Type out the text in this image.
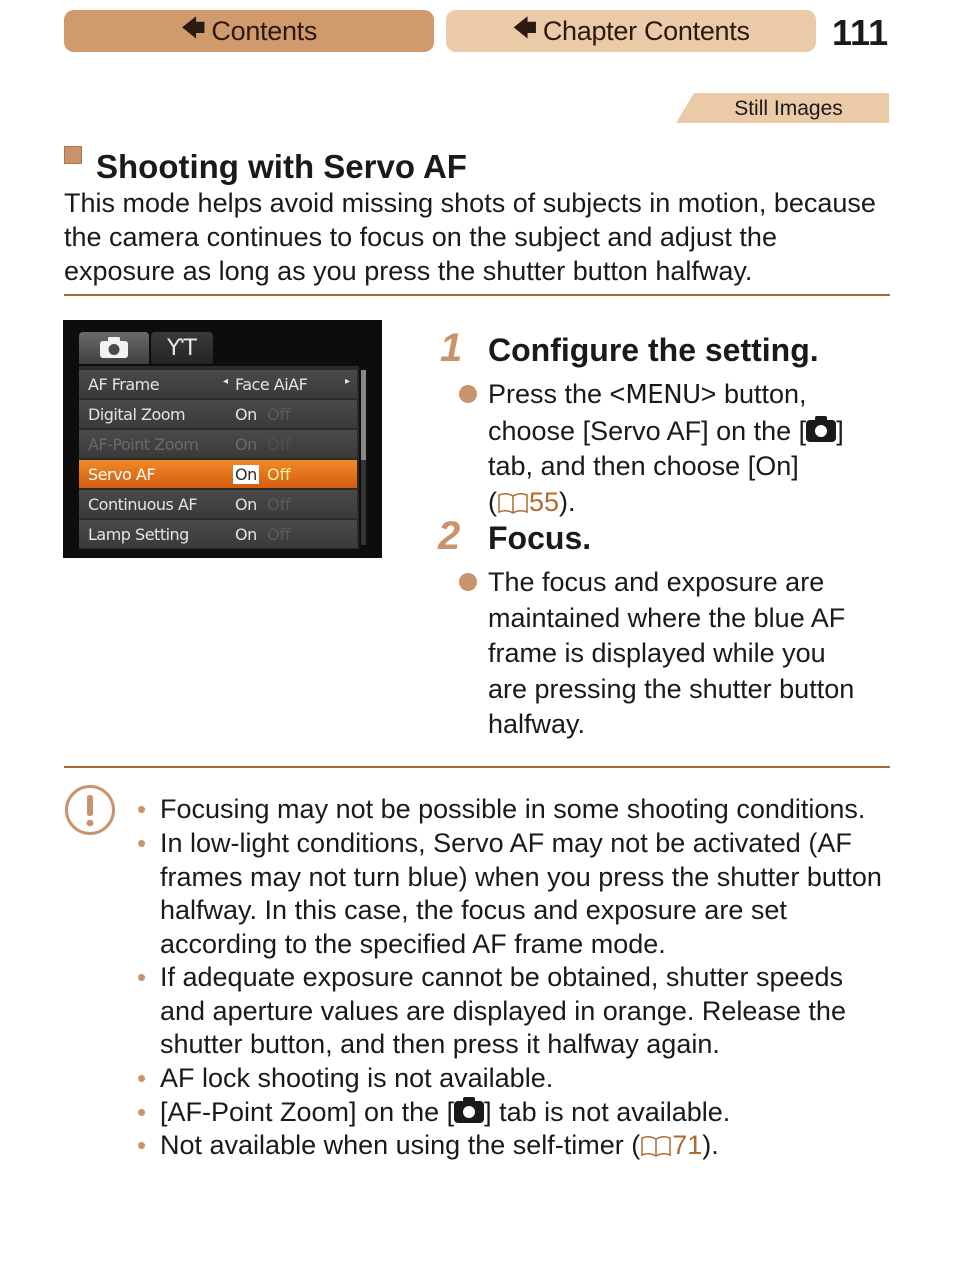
🡄 Contents	🡄 Chapter Contents 111
Still Images
Shooting with Servo AF
This mode helps avoid missing shots of subjects in motion, because the camera continues to focus on the subject and adjust the exposure as long as you press the shutter button halfway.
ƳT
AF Frame	◂ Face AiAF	▸
Digital Zoom	On Off
AF-Point Zoom On Off
Servo AF	On Off
Continuous AF On Off
Lamp Setting	On Off
1 Configure the setting.
Press the <MENU> button,
choose [Servo AF] on the [ ]
tab, and then choose [On]
( 55).
2 Focus.
The focus and exposure are
maintained where the blue AF
frame is displayed while you
are pressing the shutter button
halfway.
• Focusing may not be possible in some shooting conditions.
• In low-light conditions, Servo AF may not be activated (AF frames may not turn blue) when you press the shutter button halfway. In this case, the focus and exposure are set according to the specified AF frame mode.
• If adequate exposure cannot be obtained, shutter speeds and aperture values are displayed in orange. Release the shutter button, and then press it halfway again.
• AF lock shooting is not available.
• [AF-Point Zoom] on the [ ] tab is not available.
• Not available when using the self-timer ( 71).
